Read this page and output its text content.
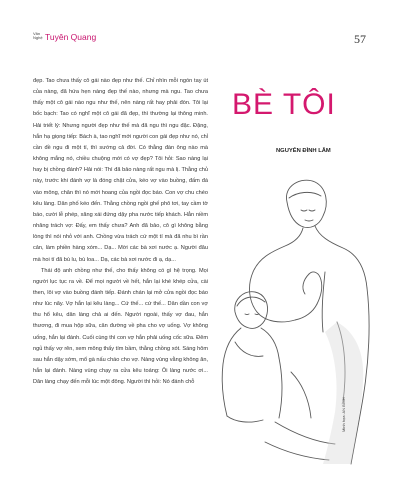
Văn Nghệ Tuyên Quang	57

đẹp. Tao chưa thấy cô gái nào đẹp như thế. Chỉ nhìn mỗi ngón tay út của nàng, đã hứa hẹn nàng đẹp thế nào, nhưng mà ngu. Tao chưa thấy một cô gái nào ngu như thế, nên nàng rất hay phải đòn. Tôi lại bốc bạch: Tao có nghĩ một cô gái đã đẹp, thì thường lại thông minh. Hải triết lý: Nhưng người đẹp như thế mà đã ngu thì ngu đặc. Đặng, hắn hạ giọng tiếp: Bách à, tao nghĩ mới người con gái đẹp như nó, chỉ cần đề ngu đi một tí, thì sướng cả đời. Có thằng đàn ông nào mà không mắng nó, chiều chuộng mới có vợ đẹp? Tôi hỏi: Sao nàng lại hay bị chồng đánh? Hải nói: Thì đã bảo nàng rất ngu mà lị. Thằng chủ này, trước khi đánh vợ là đóng chặt cửa, kéo vợ vào buồng, đấm đá vào mông, chân thì nó mới hoang của ngồi đọc báo. Con vợ chu chéo kêu làng. Dân phố kéo đến. Thằng chồng ngồi ghế phô tơi, tay cầm tờ báo, cười lễ phép, xăng xái đứng dậy pha nước tiếp khách. Hẳn niềm nhăng trách vợ: Đấy, em thấy chưa? Anh đã bảo, cô gì không bằng lòng thì nói nhỏ với anh. Chồng vừa trách cứ một tí mà đã nhu bì rần cản, làm phiền hàng xóm... Dạ... Mời các bà xơi nước ạ. Người đâu mà hoi tí đã bù lu, bù loa... Dạ, các bà xơi nước đi ạ, dạ...

Thái độ anh chồng như thế, cho thấy không có gì hệ trọng. Mọi người lục tục ra về. Để mọi người về hết, hắn lại khé khép cửa, cài then, lôi vợ vào buồng đánh tiếp. Đánh chán lại mở cửa ngồi đọc báo như lúc nãy. Vợ hắn lại kêu làng... Cứ thế... cứ thế... Dân dần con vợ thu hổ kêu, dân làng chả ai đến. Người ngoài, thấy vợ đau, hắn thương, đi mua hộp sữa, cân đường về pha cho vợ uống. Vợ không uống, hắn lại đánh. Cuối cùng thì con vợ hắn phải uống cốc sữa. Đêm ngủ thấy vợ rên, xem mông thấy tím bầm, thằng chồng xót. Sáng hôm sau hắn dậy sớm, mổ gà nấu cháo cho vợ. Nàng vùng vằng không ăn, hắn lại đánh. Nàng vùng chạy ra cửa kêu toáng: Ôi làng nước ơi... Dân làng chạy đến mỗi lúc một đông. Người thì hỏi: Nó đánh chỗ

BÈ TÔI
NGUYỄN ĐÌNH LÂM
Minh họa: AN BÌNH
